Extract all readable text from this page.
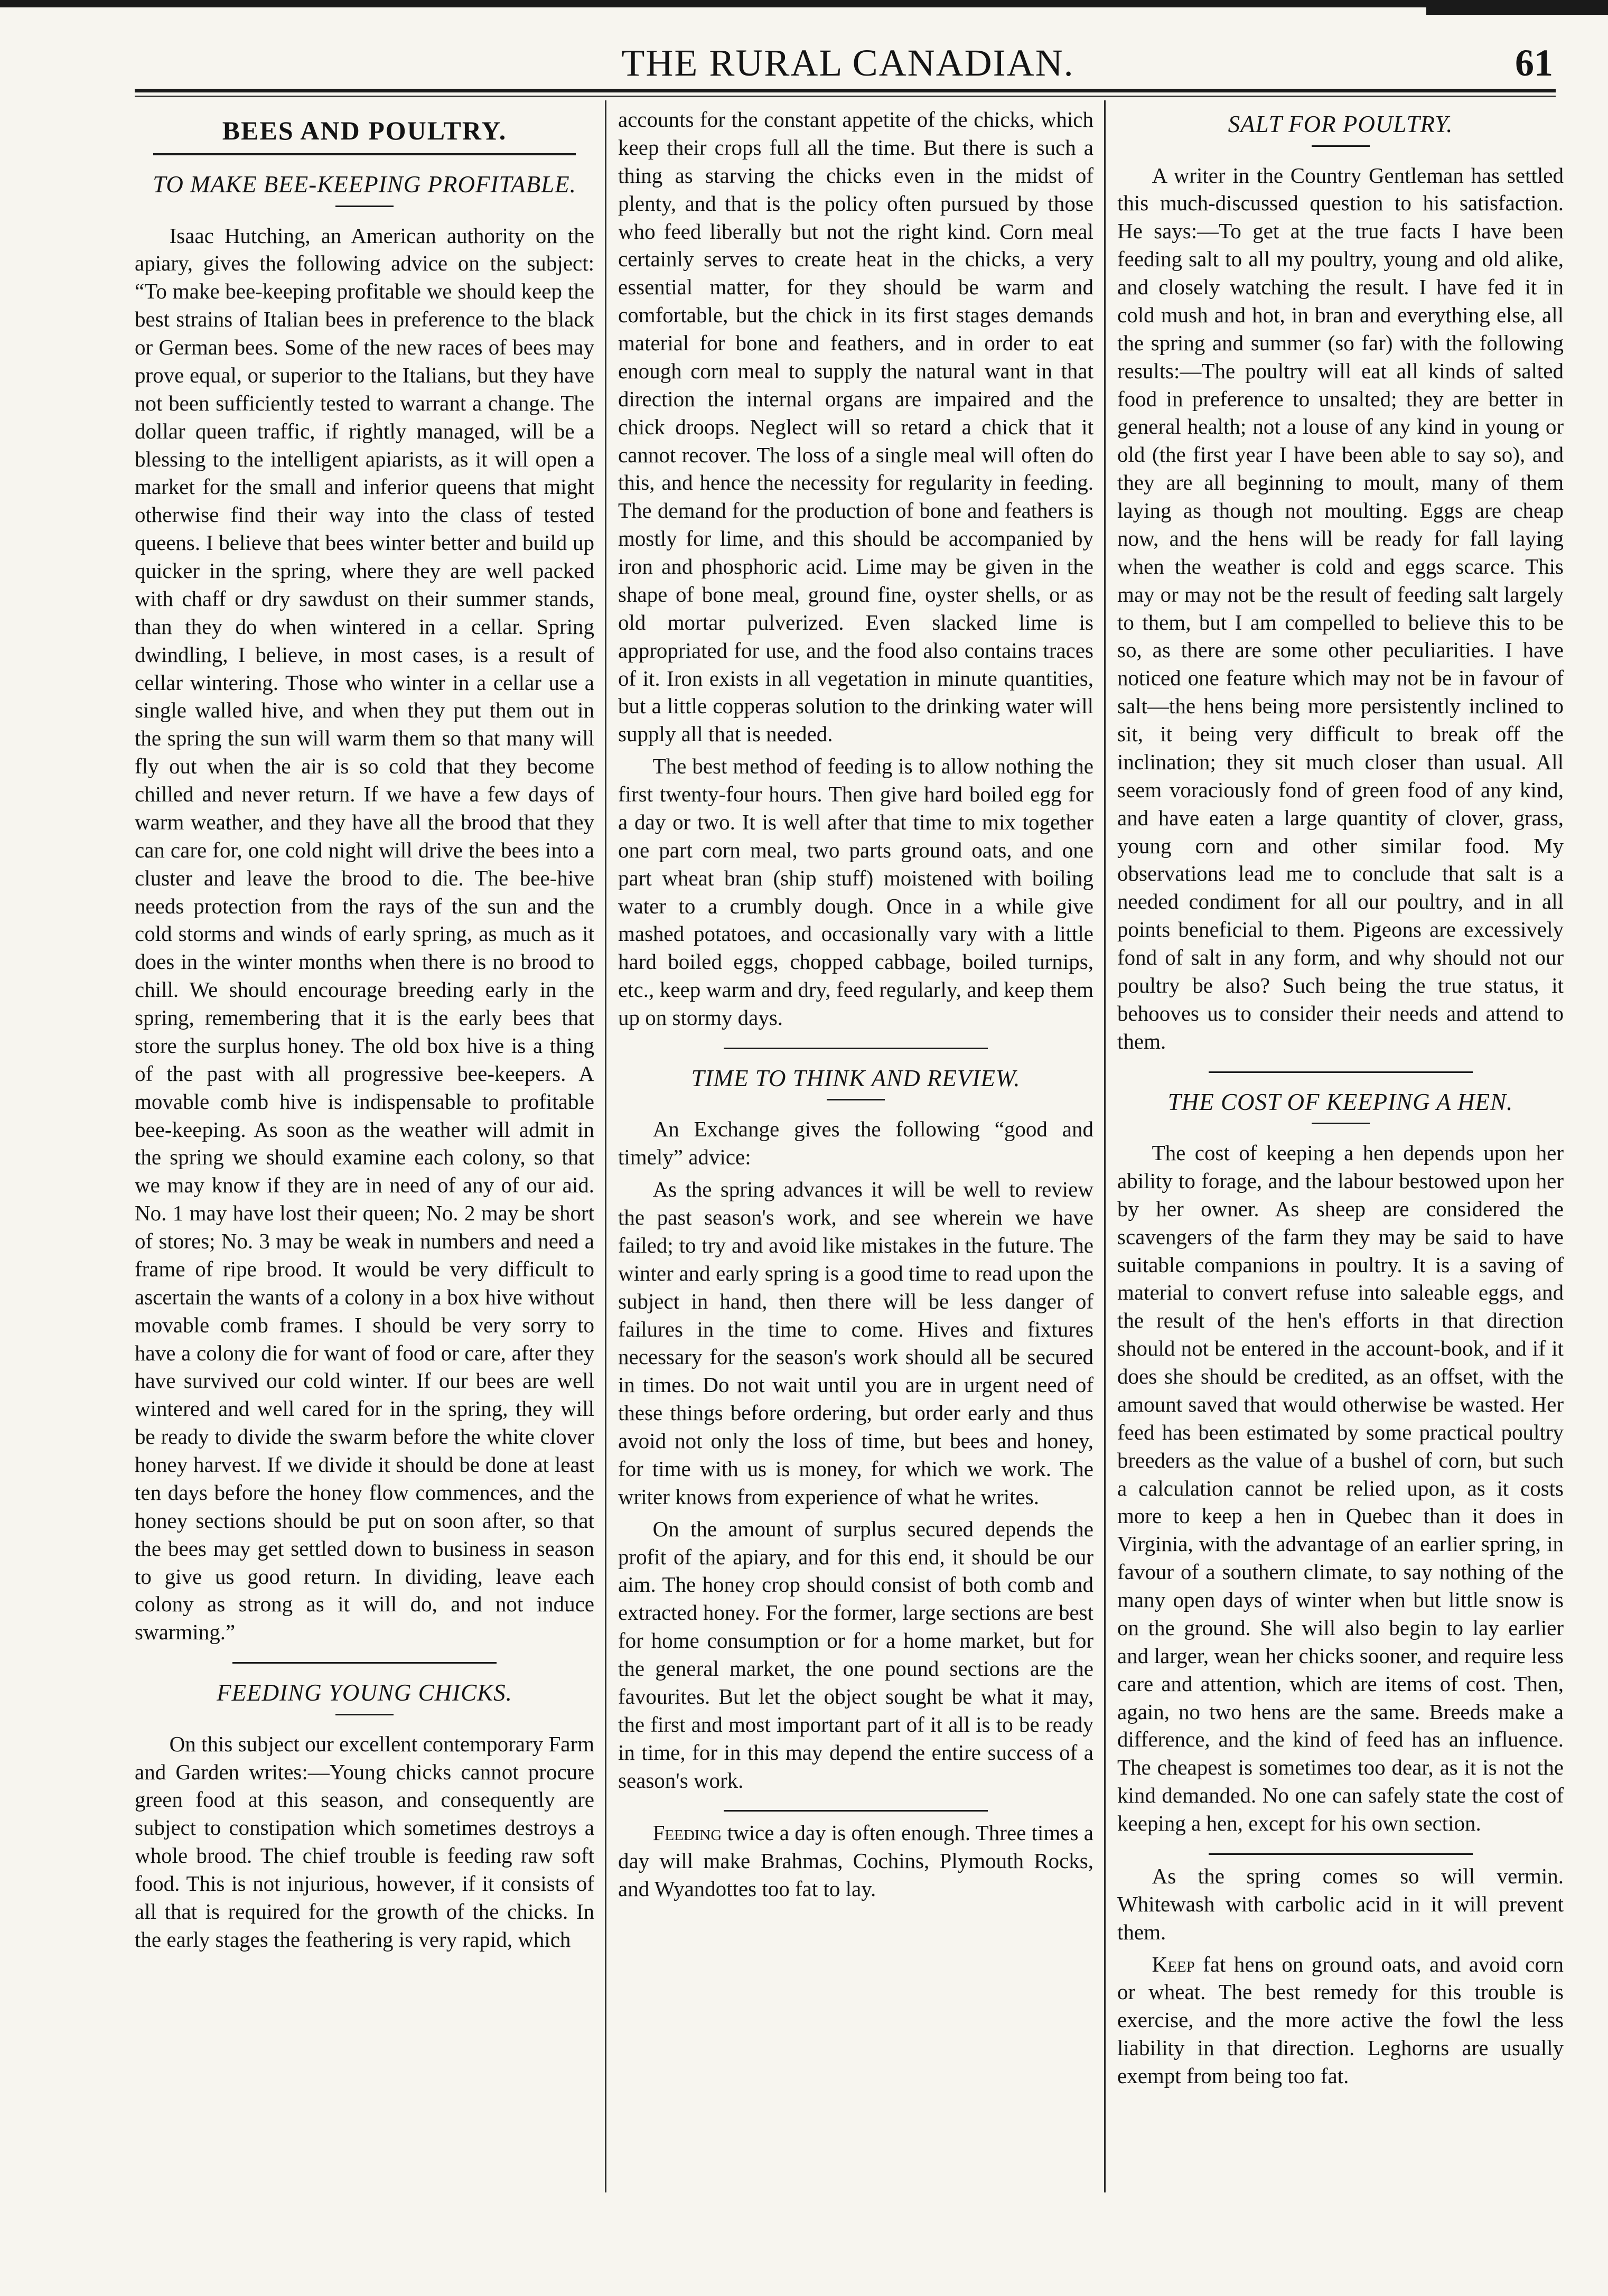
THE RURAL CANADIAN.	61
BEES AND POULTRY.
TO MAKE BEE-KEEPING PROFITABLE.

Isaac Hutching, an American authority on the apiary, gives the following advice on the subject: “To make bee-keeping profitable we should keep the best strains of Italian bees in preference to the black or German bees. Some of the new races of bees may prove equal, or superior to the Italians, but they have not been sufficiently tested to warrant a change. The dollar queen traffic, if rightly managed, will be a blessing to the intelligent apiarists, as it will open a market for the small and inferior queens that might otherwise find their way into the class of tested queens. I believe that bees winter better and build up quicker in the spring, where they are well packed with chaff or dry sawdust on their summer stands, than they do when wintered in a cellar. Spring dwindling, I believe, in most cases, is a result of cellar wintering. Those who winter in a cellar use a single walled hive, and when they put them out in the spring the sun will warm them so that many will fly out when the air is so cold that they become chilled and never return. If we have a few days of warm weather, and they have all the brood that they can care for, one cold night will drive the bees into a cluster and leave the brood to die. The bee-hive needs protection from the rays of the sun and the cold storms and winds of early spring, as much as it does in the winter months when there is no brood to chill. We should encourage breeding early in the spring, remembering that it is the early bees that store the surplus honey. The old box hive is a thing of the past with all progressive bee-keepers. A movable comb hive is indispensable to profitable bee-keeping. As soon as the weather will admit in the spring we should examine each colony, so that we may know if they are in need of any of our aid. No. 1 may have lost their queen; No. 2 may be short of stores; No. 3 may be weak in numbers and need a frame of ripe brood. It would be very difficult to ascertain the wants of a colony in a box hive without movable comb frames. I should be very sorry to have a colony die for want of food or care, after they have survived our cold winter. If our bees are well wintered and well cared for in the spring, they will be ready to divide the swarm before the white clover honey harvest. If we divide it should be done at least ten days before the honey flow commences, and the honey sections should be put on soon after, so that the bees may get settled down to business in season to give us good return. In dividing, leave each colony as strong as it will do, and not induce swarming.”

FEEDING YOUNG CHICKS.

On this subject our excellent contemporary Farm and Garden writes:—Young chicks cannot procure green food at this season, and consequently are subject to constipation which sometimes destroys a whole brood. The chief trouble is feeding raw soft food. This is not injurious, however, if it consists of all that is required for the growth of the chicks. In the early stages the feathering is very rapid, which

accounts for the constant appetite of the chicks, which keep their crops full all the time. But there is such a thing as starving the chicks even in the midst of plenty, and that is the policy often pursued by those who feed liberally but not the right kind. Corn meal certainly serves to create heat in the chicks, a very essential matter, for they should be warm and comfortable, but the chick in its first stages demands material for bone and feathers, and in order to eat enough corn meal to supply the natural want in that direction the internal organs are impaired and the chick droops. Neglect will so retard a chick that it cannot recover. The loss of a single meal will often do this, and hence the necessity for regularity in feeding. The demand for the production of bone and feathers is mostly for lime, and this should be accompanied by iron and phosphoric acid. Lime may be given in the shape of bone meal, ground fine, oyster shells, or as old mortar pulverized. Even slacked lime is appropriated for use, and the food also contains traces of it. Iron exists in all vegetation in minute quantities, but a little copperas solution to the drinking water will supply all that is needed.

The best method of feeding is to allow nothing the first twenty-four hours. Then give hard boiled egg for a day or two. It is well after that time to mix together one part corn meal, two parts ground oats, and one part wheat bran (ship stuff) moistened with boiling water to a crumbly dough. Once in a while give mashed potatoes, and occasionally vary with a little hard boiled eggs, chopped cabbage, boiled turnips, etc., keep warm and dry, feed regularly, and keep them up on stormy days.

TIME TO THINK AND REVIEW.

An Exchange gives the following “good and timely” advice:

As the spring advances it will be well to review the past season's work, and see wherein we have failed; to try and avoid like mistakes in the future. The winter and early spring is a good time to read upon the subject in hand, then there will be less danger of failures in the time to come. Hives and fixtures necessary for the season's work should all be secured in times. Do not wait until you are in urgent need of these things before ordering, but order early and thus avoid not only the loss of time, but bees and honey, for time with us is money, for which we work. The writer knows from experience of what he writes.

On the amount of surplus secured depends the profit of the apiary, and for this end, it should be our aim. The honey crop should consist of both comb and extracted honey. For the former, large sections are best for home consumption or for a home market, but for the general market, the one pound sections are the favourites. But let the object sought be what it may, the first and most important part of it all is to be ready in time, for in this may depend the entire success of a season's work.

Feeding twice a day is often enough. Three times a day will make Brahmas, Cochins, Plymouth Rocks, and Wyandottes too fat to lay.

SALT FOR POULTRY.

A writer in the Country Gentleman has settled this much-discussed question to his satisfaction. He says:—To get at the true facts I have been feeding salt to all my poultry, young and old alike, and closely watching the result. I have fed it in cold mush and hot, in bran and everything else, all the spring and summer (so far) with the following results:—The poultry will eat all kinds of salted food in preference to unsalted; they are better in general health; not a louse of any kind in young or old (the first year I have been able to say so), and they are all beginning to moult, many of them laying as though not moulting. Eggs are cheap now, and the hens will be ready for fall laying when the weather is cold and eggs scarce. This may or may not be the result of feeding salt largely to them, but I am compelled to believe this to be so, as there are some other peculiarities. I have noticed one feature which may not be in favour of salt—the hens being more persistently inclined to sit, it being very difficult to break off the inclination; they sit much closer than usual. All seem voraciously fond of green food of any kind, and have eaten a large quantity of clover, grass, young corn and other similar food. My observations lead me to conclude that salt is a needed condiment for all our poultry, and in all points beneficial to them. Pigeons are excessively fond of salt in any form, and why should not our poultry be also? Such being the true status, it behooves us to consider their needs and attend to them.

THE COST OF KEEPING A HEN.

The cost of keeping a hen depends upon her ability to forage, and the labour bestowed upon her by her owner. As sheep are considered the scavengers of the farm they may be said to have suitable companions in poultry. It is a saving of material to convert refuse into saleable eggs, and the result of the hen's efforts in that direction should not be entered in the account-book, and if it does she should be credited, as an offset, with the amount saved that would otherwise be wasted. Her feed has been estimated by some practical poultry breeders as the value of a bushel of corn, but such a calculation cannot be relied upon, as it costs more to keep a hen in Quebec than it does in Virginia, with the advantage of an earlier spring, in favour of a southern climate, to say nothing of the many open days of winter when but little snow is on the ground. She will also begin to lay earlier and larger, wean her chicks sooner, and require less care and attention, which are items of cost. Then, again, no two hens are the same. Breeds make a difference, and the kind of feed has an influence. The cheapest is sometimes too dear, as it is not the kind demanded. No one can safely state the cost of keeping a hen, except for his own section.

As the spring comes so will vermin. Whitewash with carbolic acid in it will prevent them.

Keep fat hens on ground oats, and avoid corn or wheat. The best remedy for this trouble is exercise, and the more active the fowl the less liability in that direction. Leghorns are usually exempt from being too fat.
